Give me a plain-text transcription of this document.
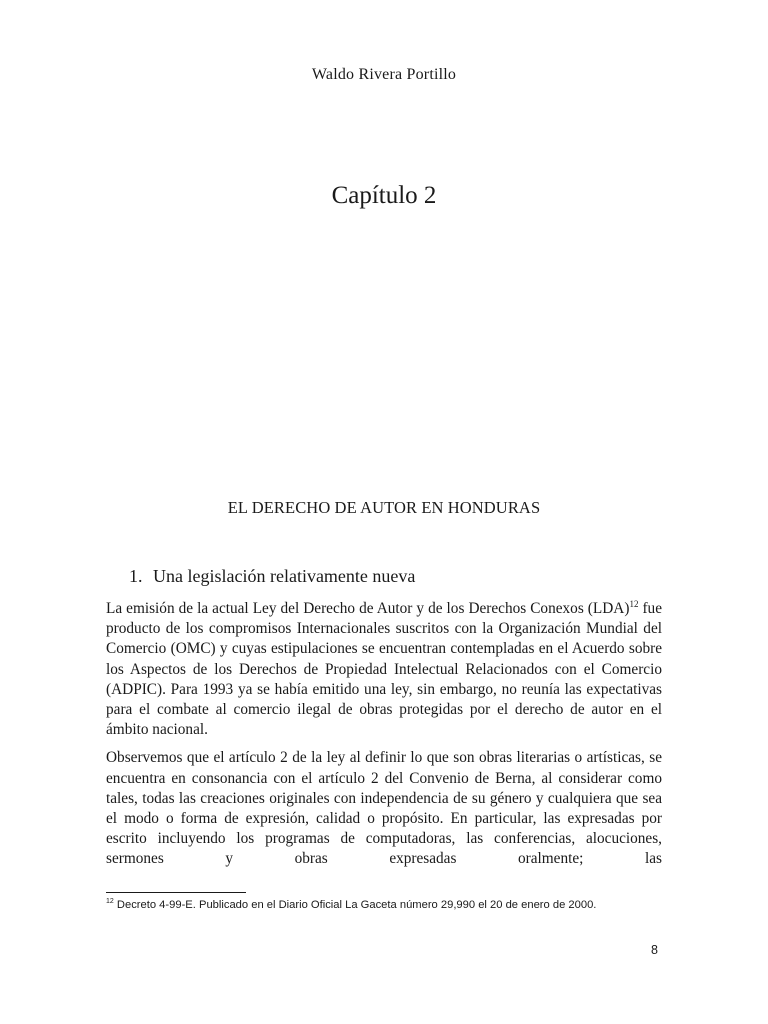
Waldo Rivera Portillo
Capítulo 2
EL DERECHO DE AUTOR EN HONDURAS
1. Una legislación relativamente nueva

La emisión de la actual Ley del Derecho de Autor y de los Derechos Conexos (LDA)$^{12}$ fue producto de los compromisos Internacionales suscritos con la Organización Mundial del Comercio (OMC) y cuyas estipulaciones se encuentran contempladas en el Acuerdo sobre los Aspectos de los Derechos de Propiedad Intelectual Relacionados con el Comercio (ADPIC). Para 1993 ya se había emitido una ley, sin embargo, no reunía las expectativas para el combate al comercio ilegal de obras protegidas por el derecho de autor en el ámbito nacional.

Observemos que el artículo 2 de la ley al definir lo que son obras literarias o artísticas, se encuentra en consonancia con el artículo 2 del Convenio de Berna, al considerar como tales, todas las creaciones originales con independencia de su género y cualquiera que sea el modo o forma de expresión, calidad o propósito. En particular, las expresadas por escrito incluyendo los programas de computadoras, las conferencias, alocuciones, sermones y obras expresadas oralmente; las

$^{12}$ Decreto 4-99-E. Publicado en el Diario Oficial La Gaceta número 29,990 el 20 de enero de 2000.
8
